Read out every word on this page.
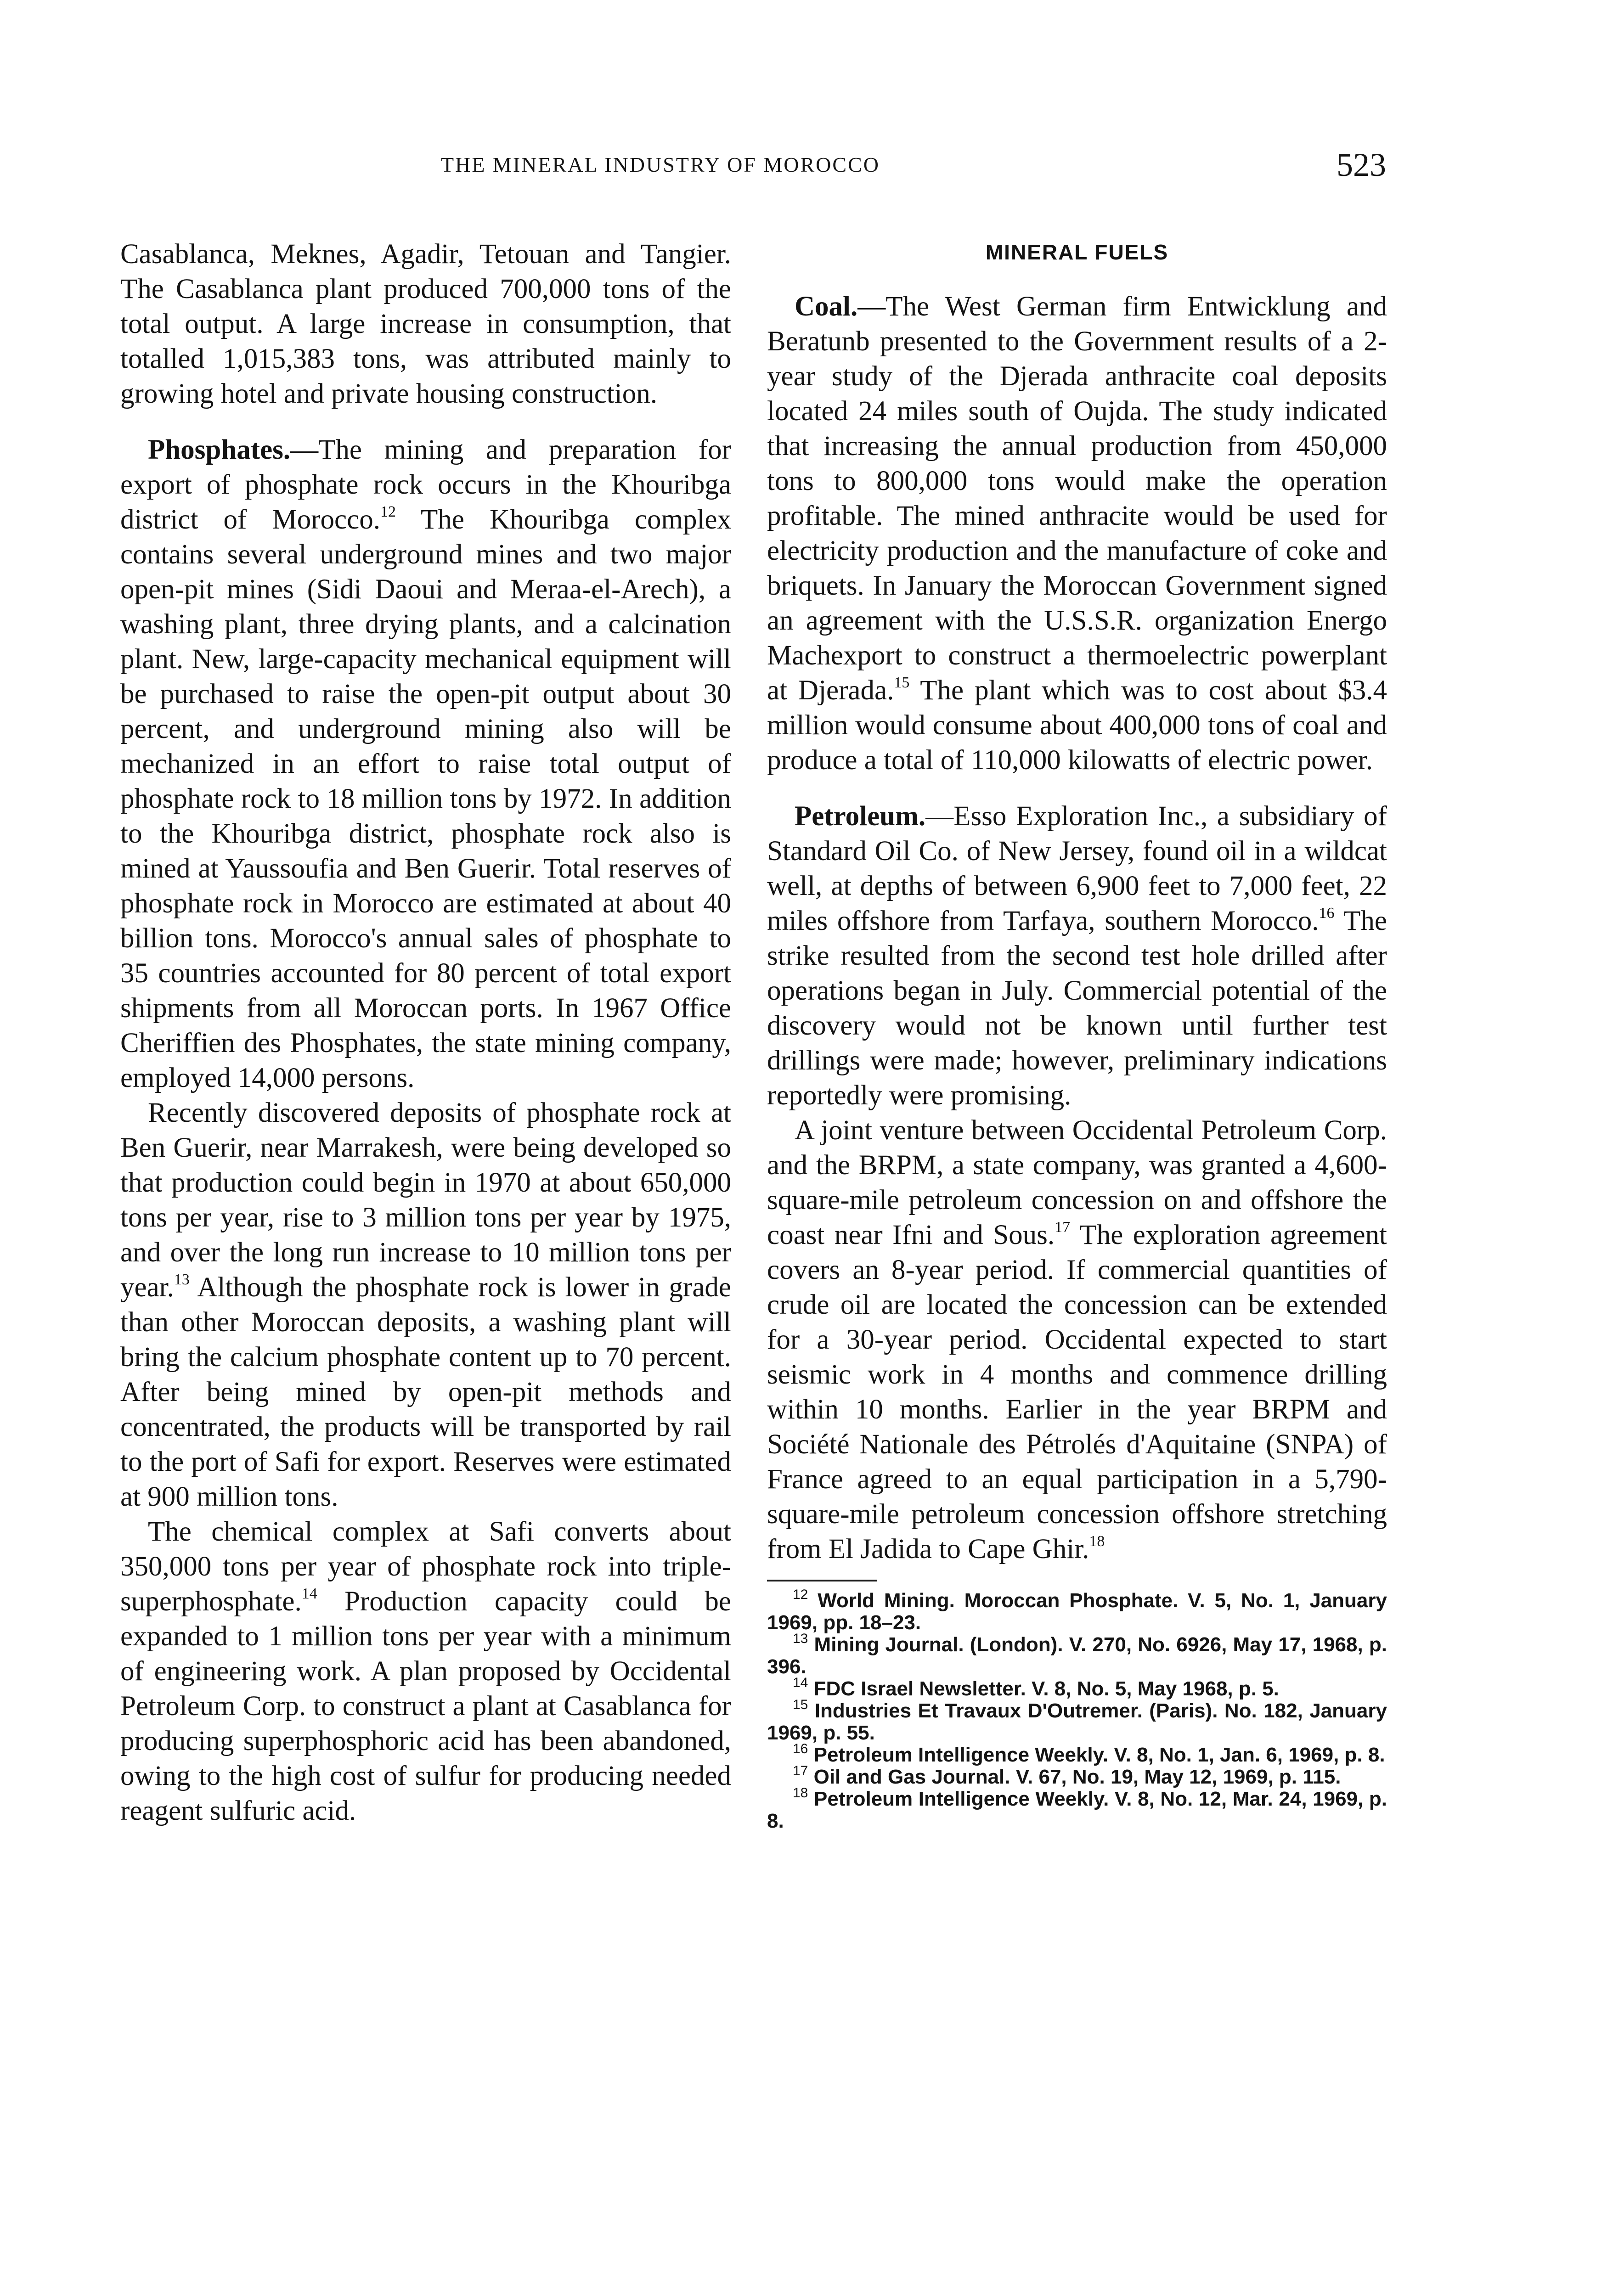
THE MINERAL INDUSTRY OF MOROCCO	523

Casablanca, Meknes, Agadir, Tetouan and Tangier. The Casablanca plant produced 700,000 tons of the total output. A large increase in consumption, that totalled 1,015,383 tons, was attributed mainly to growing hotel and private housing construction.

Phosphates.—The mining and preparation for export of phosphate rock occurs in the Khouribga district of Morocco.$^{12}$ The Khouribga complex contains several underground mines and two major open-pit mines (Sidi Daoui and Meraa-el-Arech), a washing plant, three drying plants, and a calcination plant. New, large-capacity mechanical equipment will be purchased to raise the open-pit output about 30 percent, and underground mining also will be mechanized in an effort to raise total output of phosphate rock to 18 million tons by 1972. In addition to the Khouribga district, phosphate rock also is mined at Yaussoufia and Ben Guerir. Total reserves of phosphate rock in Morocco are estimated at about 40 billion tons. Morocco's annual sales of phosphate to 35 countries accounted for 80 percent of total export shipments from all Moroccan ports. In 1967 Office Cheriffien des Phosphates, the state mining company, employed 14,000 persons.

Recently discovered deposits of phosphate rock at Ben Guerir, near Marrakesh, were being developed so that production could begin in 1970 at about 650,000 tons per year, rise to 3 million tons per year by 1975, and over the long run increase to 10 million tons per year.$^{13}$ Although the phosphate rock is lower in grade than other Moroccan deposits, a washing plant will bring the calcium phosphate content up to 70 percent. After being mined by open-pit methods and concentrated, the products will be transported by rail to the port of Safi for export. Reserves were estimated at 900 million tons.

The chemical complex at Safi converts about 350,000 tons per year of phosphate rock into triple-superphosphate.$^{14}$ Production capacity could be expanded to 1 million tons per year with a minimum of engineering work. A plan proposed by Occidental Petroleum Corp. to construct a plant at Casablanca for producing superphosphoric acid has been abandoned, owing to the high cost of sulfur for producing needed reagent sulfuric acid.

MINERAL FUELS

Coal.—The West German firm Entwicklung and Beratunb presented to the Government results of a 2-year study of the Djerada anthracite coal deposits located 24 miles south of Oujda. The study indicated that increasing the annual production from 450,000 tons to 800,000 tons would make the operation profitable. The mined anthracite would be used for electricity production and the manufacture of coke and briquets. In January the Moroccan Government signed an agreement with the U.S.S.R. organization Energo Machexport to construct a thermoelectric powerplant at Djerada.$^{15}$ The plant which was to cost about $3.4 million would consume about 400,000 tons of coal and produce a total of 110,000 kilowatts of electric power.

Petroleum.—Esso Exploration Inc., a subsidiary of Standard Oil Co. of New Jersey, found oil in a wildcat well, at depths of between 6,900 feet to 7,000 feet, 22 miles offshore from Tarfaya, southern Morocco.$^{16}$ The strike resulted from the second test hole drilled after operations began in July. Commercial potential of the discovery would not be known until further test drillings were made; however, preliminary indications reportedly were promising.

A joint venture between Occidental Petroleum Corp. and the BRPM, a state company, was granted a 4,600-square-mile petroleum concession on and offshore the coast near Ifni and Sous.$^{17}$ The exploration agreement covers an 8-year period. If commercial quantities of crude oil are located the concession can be extended for a 30-year period. Occidental expected to start seismic work in 4 months and commence drilling within 10 months. Earlier in the year BRPM and Société Nationale des Pétrolés d'Aquitaine (SNPA) of France agreed to an equal participation in a 5,790-square-mile petroleum concession offshore stretching from El Jadida to Cape Ghir.$^{18}$

$^{12}$ World Mining. Moroccan Phosphate. V. 5, No. 1, January 1969, pp. 18–23.

$^{13}$ Mining Journal. (London). V. 270, No. 6926, May 17, 1968, p. 396.

$^{14}$ FDC Israel Newsletter. V. 8, No. 5, May 1968, p. 5.

$^{15}$ Industries Et Travaux D'Outremer. (Paris). No. 182, January 1969, p. 55.

$^{16}$ Petroleum Intelligence Weekly. V. 8, No. 1, Jan. 6, 1969, p. 8.

$^{17}$ Oil and Gas Journal. V. 67, No. 19, May 12, 1969, p. 115.

$^{18}$ Petroleum Intelligence Weekly. V. 8, No. 12, Mar. 24, 1969, p. 8.
